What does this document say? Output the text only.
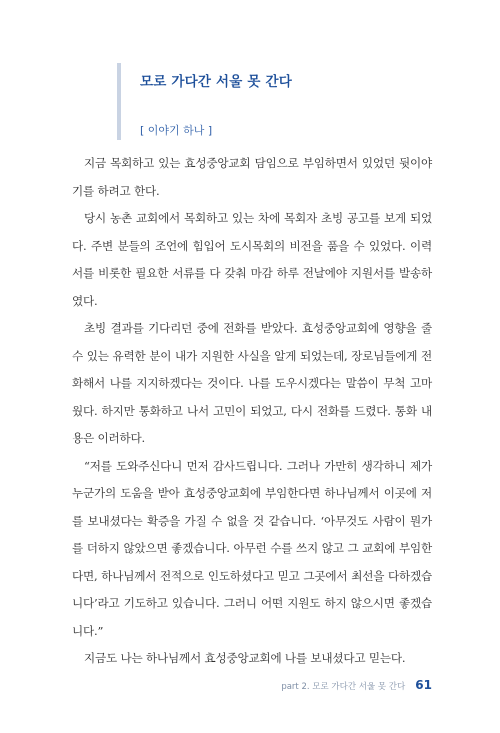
모로 가다간 서울 못 간다
[ 이야기 하나 ]

지금 목회하고 있는 효성중앙교회 담임으로 부임하면서 있었던 뒷이야기를 하려고 한다.

당시 농촌 교회에서 목회하고 있는 차에 목회자 초빙 공고를 보게 되었다. 주변 분들의 조언에 힘입어 도시목회의 비전을 품을 수 있었다. 이력서를 비롯한 필요한 서류를 다 갖춰 마감 하루 전날에야 지원서를 발송하였다.

초빙 결과를 기다리던 중에 전화를 받았다. 효성중앙교회에 영향을 줄 수 있는 유력한 분이 내가 지원한 사실을 알게 되었는데, 장로님들에게 전화해서 나를 지지하겠다는 것이다. 나를 도우시겠다는 말씀이 무척 고마웠다. 하지만 통화하고 나서 고민이 되었고, 다시 전화를 드렸다. 통화 내용은 이러하다.

“저를 도와주신다니 먼저 감사드립니다. 그러나 가만히 생각하니 제가 누군가의 도움을 받아 효성중앙교회에 부임한다면 하나님께서 이곳에 저를 보내셨다는 확증을 가질 수 없을 것 같습니다. ‘아무것도 사람이 뭔가를 더하지 않았으면 좋겠습니다. 아무런 수를 쓰지 않고 그 교회에 부임한다면, 하나님께서 전적으로 인도하셨다고 믿고 그곳에서 최선을 다하겠습니다’라고 기도하고 있습니다. 그러니 어떤 지원도 하지 않으시면 좋겠습니다.”

지금도 나는 하나님께서 효성중앙교회에 나를 보내셨다고 믿는다.

part 2. 모로 가다간 서울 못 간다 61
